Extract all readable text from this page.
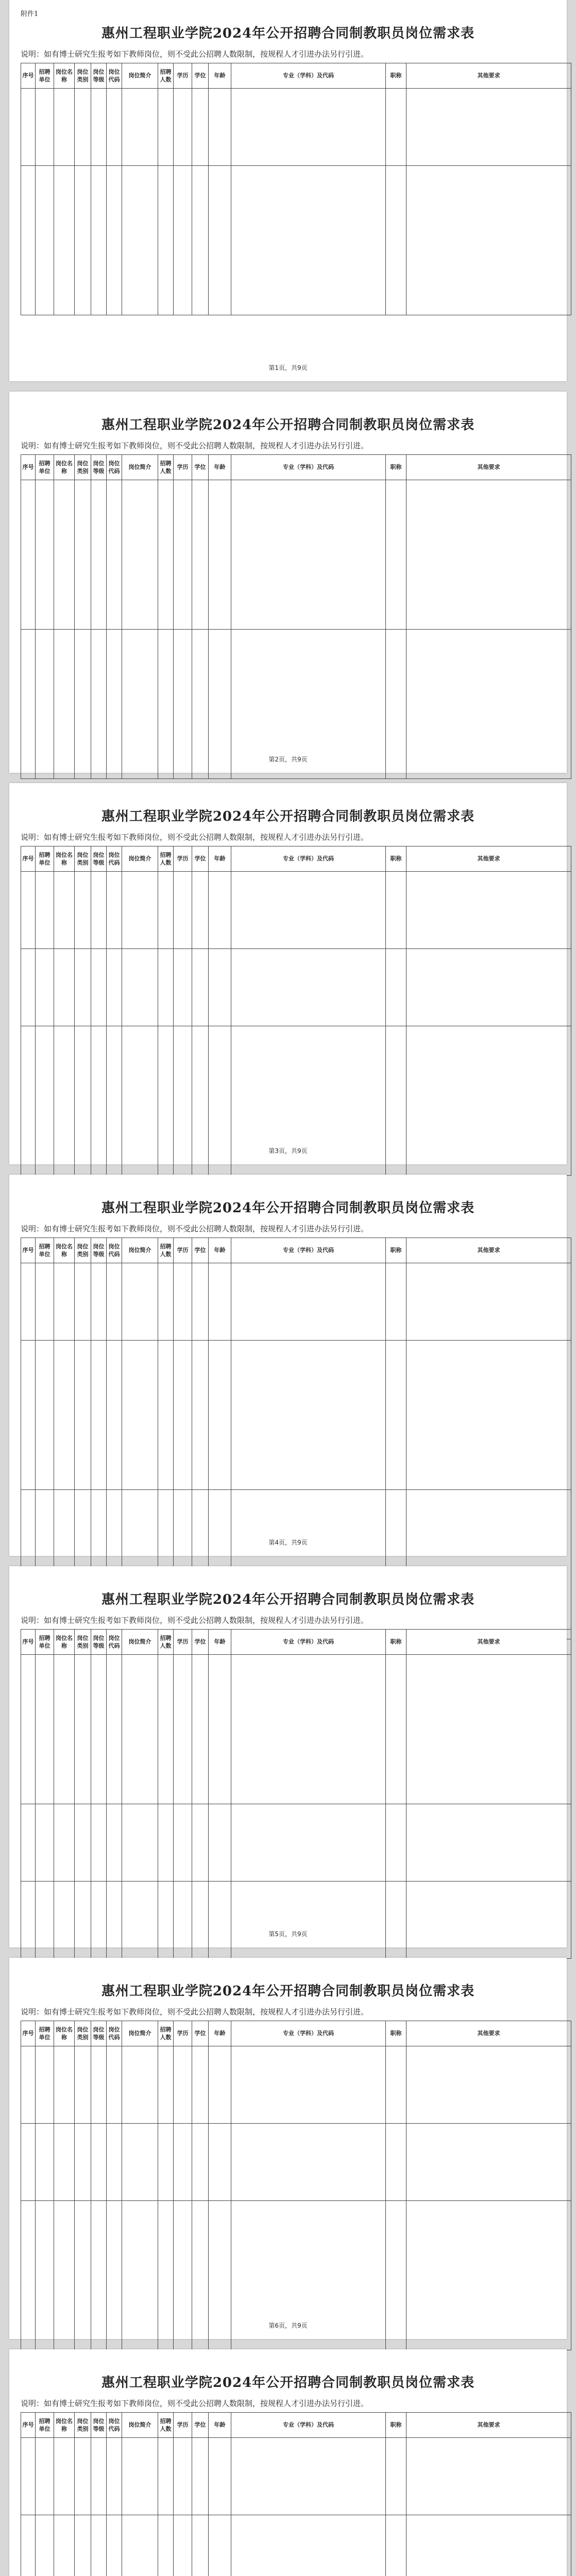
附件1
惠州工程职业学院2024年公开招聘合同制教职员岗位需求表
说明：如有博士研究生报考如下教师岗位，则不受此公招聘人数限制，按规程人才引进办法另行引进。
序号	招聘单位	岗位名称	岗位类别	岗位等级	岗位代码	岗位简介	招聘人数	学历	学位	年龄	专业（学科）及代码	职称	其他要求

第1页，共9页
惠州工程职业学院2024年公开招聘合同制教职员岗位需求表
说明：如有博士研究生报考如下教师岗位，则不受此公招聘人数限制，按规程人才引进办法另行引进。
序号	招聘单位	岗位名称	岗位类别	岗位等级	岗位代码	岗位简介	招聘人数	学历	学位	年龄	专业（学科）及代码	职称	其他要求

第2页，共9页
惠州工程职业学院2024年公开招聘合同制教职员岗位需求表
说明：如有博士研究生报考如下教师岗位，则不受此公招聘人数限制，按规程人才引进办法另行引进。
序号	招聘单位	岗位名称	岗位类别	岗位等级	岗位代码	岗位简介	招聘人数	学历	学位	年龄	专业（学科）及代码	职称	其他要求

第3页，共9页
惠州工程职业学院2024年公开招聘合同制教职员岗位需求表
说明：如有博士研究生报考如下教师岗位，则不受此公招聘人数限制，按规程人才引进办法另行引进。
序号	招聘单位	岗位名称	岗位类别	岗位等级	岗位代码	岗位简介	招聘人数	学历	学位	年龄	专业（学科）及代码	职称	其他要求

第4页，共9页
惠州工程职业学院2024年公开招聘合同制教职员岗位需求表
说明：如有博士研究生报考如下教师岗位，则不受此公招聘人数限制，按规程人才引进办法另行引进。
序号	招聘单位	岗位名称	岗位类别	岗位等级	岗位代码	岗位简介	招聘人数	学历	学位	年龄	专业（学科）及代码	职称	其他要求

第5页，共9页
惠州工程职业学院2024年公开招聘合同制教职员岗位需求表
说明：如有博士研究生报考如下教师岗位，则不受此公招聘人数限制，按规程人才引进办法另行引进。
序号	招聘单位	岗位名称	岗位类别	岗位等级	岗位代码	岗位简介	招聘人数	学历	学位	年龄	专业（学科）及代码	职称	其他要求

第6页，共9页
惠州工程职业学院2024年公开招聘合同制教职员岗位需求表
说明：如有博士研究生报考如下教师岗位，则不受此公招聘人数限制，按规程人才引进办法另行引进。
序号	招聘单位	岗位名称	岗位类别	岗位等级	岗位代码	岗位简介	招聘人数	学历	学位	年龄	专业（学科）及代码	职称	其他要求
